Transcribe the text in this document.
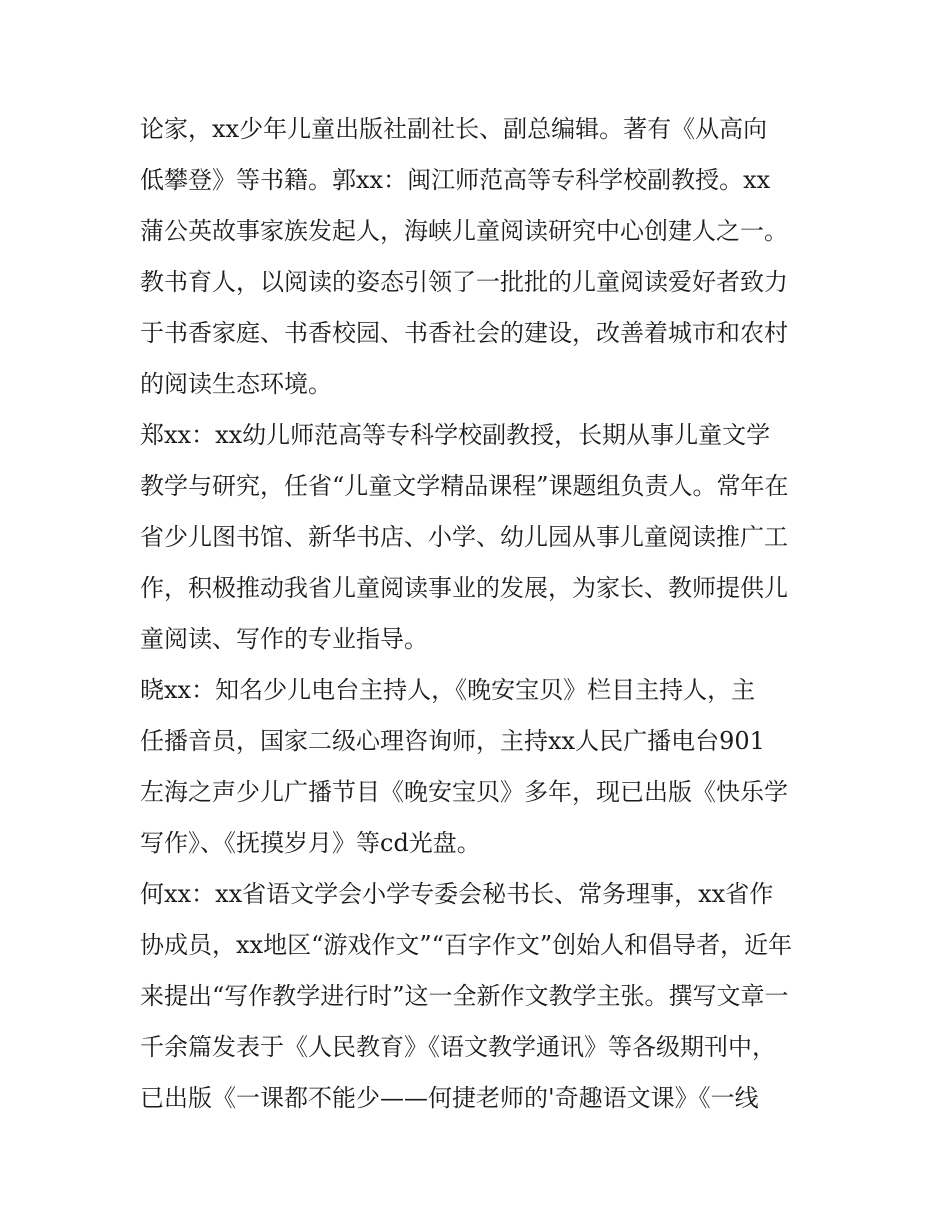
论家，xx少年儿童出版社副社长、副总编辑。著有《从高向
低攀登》等书籍。郭xx：闽江师范高等专科学校副教授。xx
蒲公英故事家族发起人，海峡儿童阅读研究中心创建人之一。
教书育人，以阅读的姿态引领了一批批的儿童阅读爱好者致力
于书香家庭、书香校园、书香社会的建设，改善着城市和农村
的阅读生态环境。
郑xx：xx幼儿师范高等专科学校副教授，长期从事儿童文学
教学与研究，任省“儿童文学精品课程”课题组负责人。常年在
省少儿图书馆、新华书店、小学、幼儿园从事儿童阅读推广工
作，积极推动我省儿童阅读事业的发展，为家长、教师提供儿
童阅读、写作的专业指导。
晓xx：知名少儿电台主持人，《晚安宝贝》栏目主持人，主
任播音员，国家二级心理咨询师，主持xx人民广播电台901
左海之声少儿广播节目《晚安宝贝》多年，现已出版《快乐学
写作》、《抚摸岁月》等cd光盘。
何xx：xx省语文学会小学专委会秘书长、常务理事，xx省作
协成员，xx地区“游戏作文”“百字作文”创始人和倡导者，近年
来提出“写作教学进行时”这一全新作文教学主张。撰写文章一
千余篇发表于《人民教育》《语文教学通讯》等各级期刊中，
已出版《一课都不能少——何捷老师的'奇趣语文课》《一线
